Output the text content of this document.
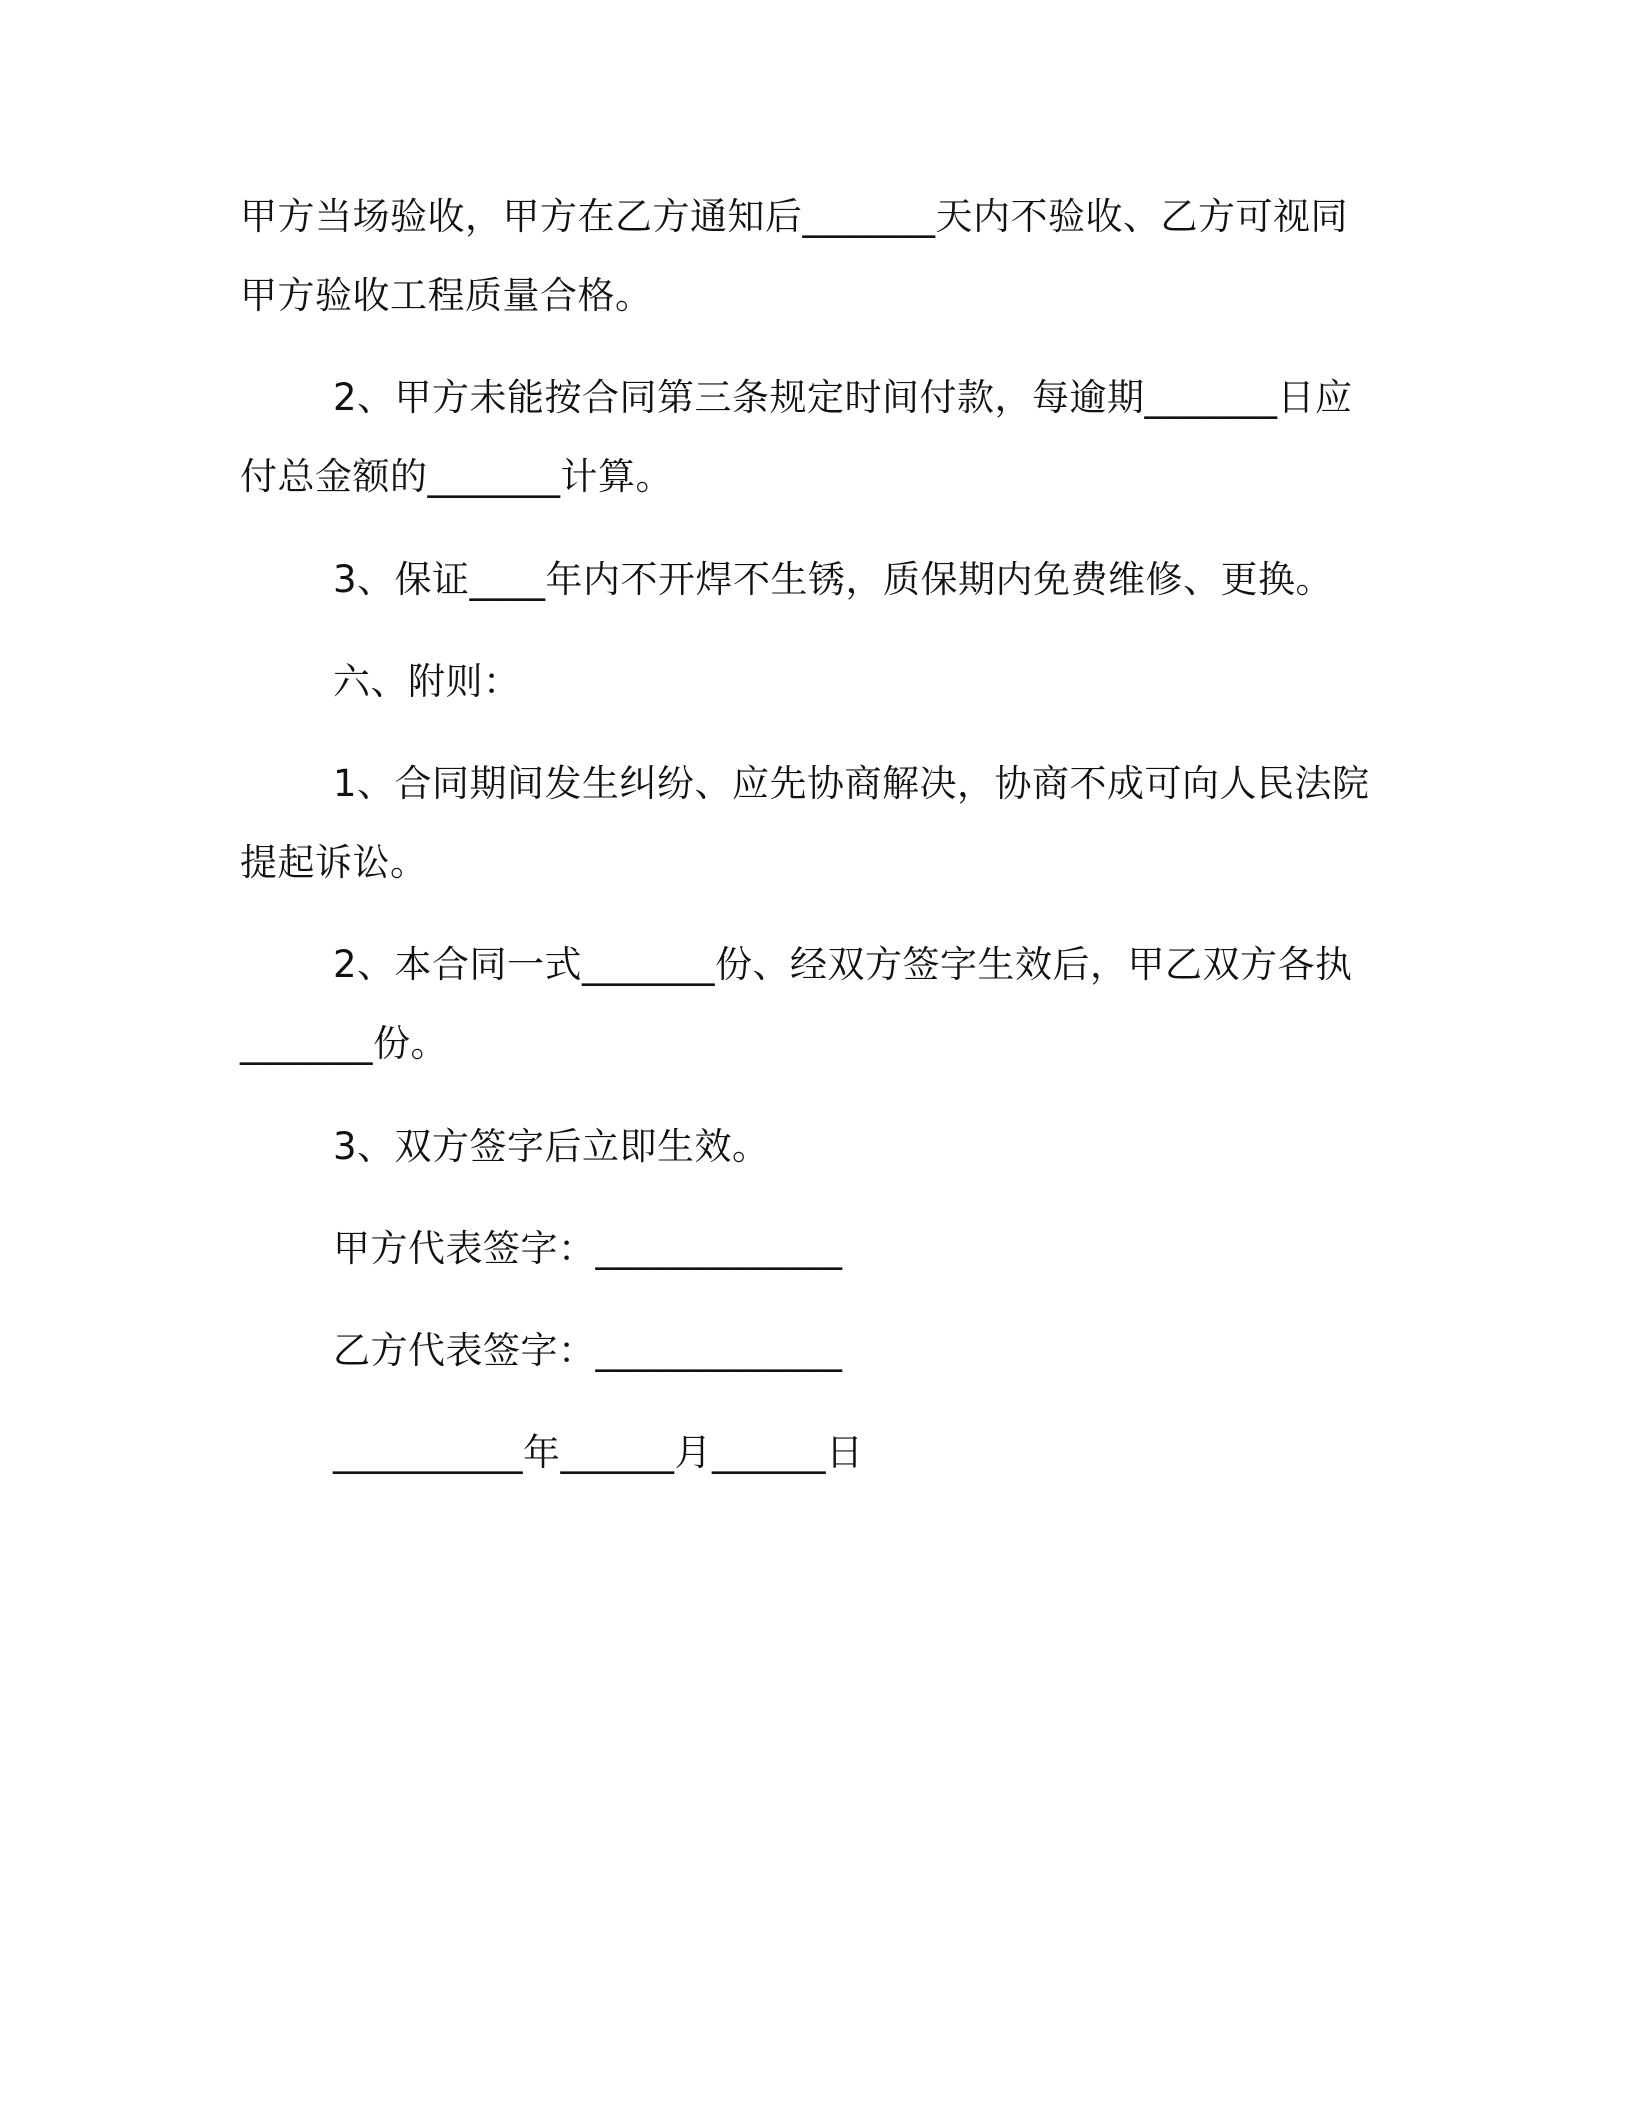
甲方当场验收，甲方在乙方通知后_______天内不验收、乙方可视同
甲方验收工程质量合格。
2、甲方未能按合同第三条规定时间付款，每逾期_______日应
付总金额的_______计算。
3、保证____年内不开焊不生锈，质保期内免费维修、更换。
六、附则：
1、合同期间发生纠纷、应先协商解决，协商不成可向人民法院
提起诉讼。
2、本合同一式_______份、经双方签字生效后，甲乙双方各执
_______份。
3、双方签字后立即生效。
甲方代表签字：_____________
乙方代表签字：_____________
__________年______月______日
